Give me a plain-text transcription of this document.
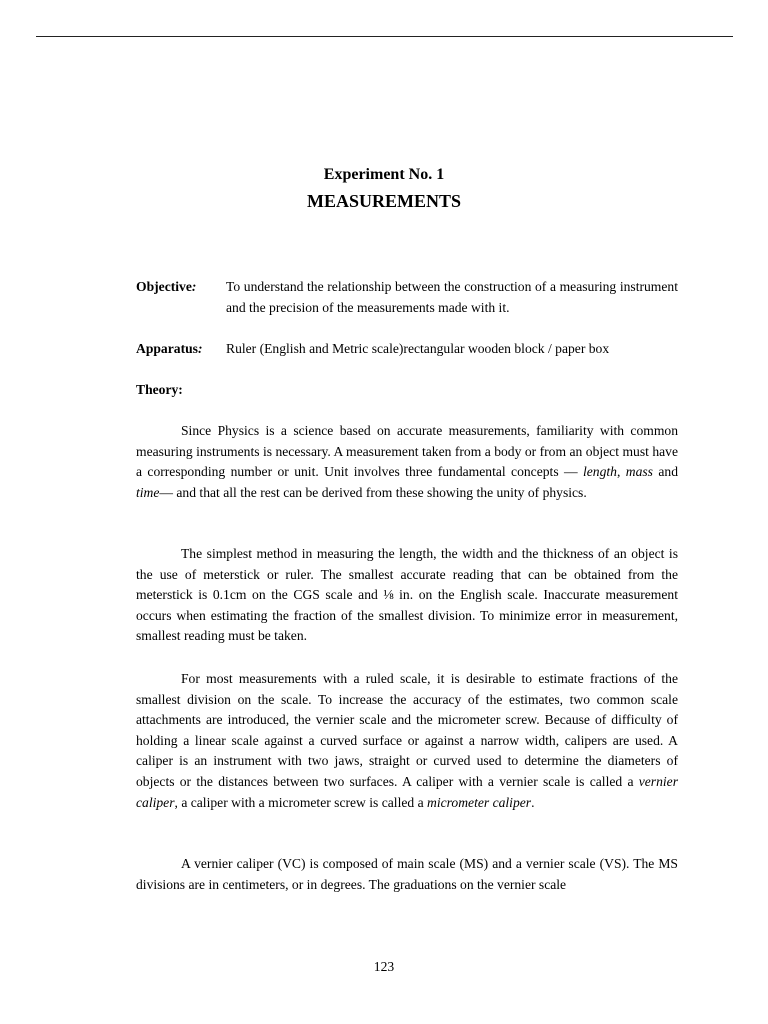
Experiment No. 1
MEASUREMENTS
Objective: To understand the relationship between the construction of a measuring instrument and the precision of the measurements made with it.
Apparatus: Ruler (English and Metric scale)rectangular wooden block / paper box
Theory:
Since Physics is a science based on accurate measurements, familiarity with common measuring instruments is necessary. A measurement taken from a body or from an object must have a corresponding number or unit. Unit involves three fundamental concepts — length, mass and time— and that all the rest can be derived from these showing the unity of physics.
The simplest method in measuring the length, the width and the thickness of an object is the use of meterstick or ruler. The smallest accurate reading that can be obtained from the meterstick is 0.1cm on the CGS scale and ⅛ in. on the English scale. Inaccurate measurement occurs when estimating the fraction of the smallest division. To minimize error in measurement, smallest reading must be taken.
For most measurements with a ruled scale, it is desirable to estimate fractions of the smallest division on the scale. To increase the accuracy of the estimates, two common scale attachments are introduced, the vernier scale and the micrometer screw. Because of difficulty of holding a linear scale against a curved surface or against a narrow width, calipers are used. A caliper is an instrument with two jaws, straight or curved used to determine the diameters of objects or the distances between two surfaces. A caliper with a vernier scale is called a vernier caliper, a caliper with a micrometer screw is called a micrometer caliper.
A vernier caliper (VC) is composed of main scale (MS) and a vernier scale (VS). The MS divisions are in centimeters, or in degrees. The graduations on the vernier scale
123
